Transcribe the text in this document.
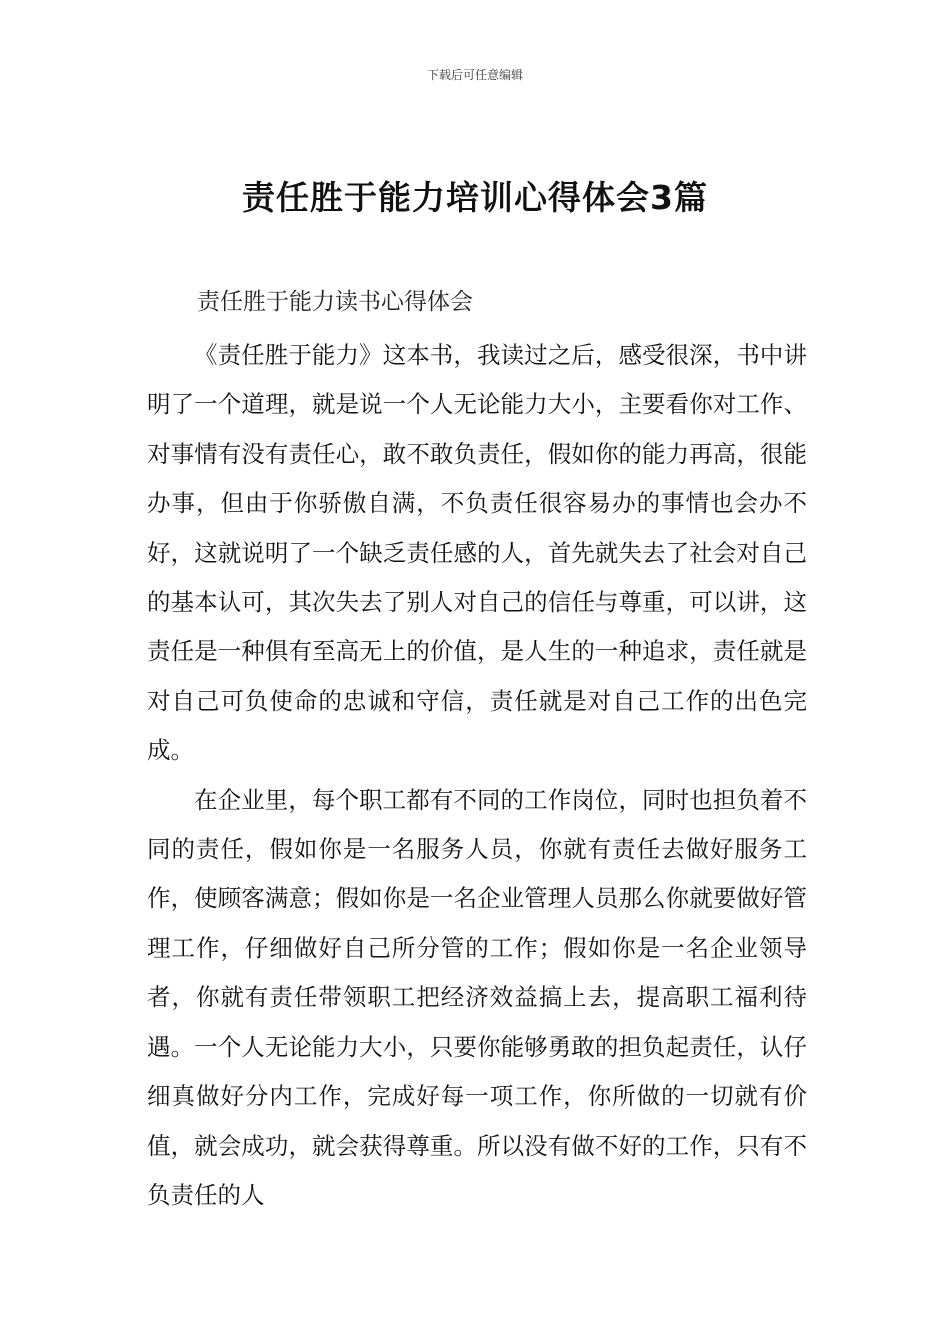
下载后可任意编辑
责任胜于能力培训心得体会3篇
责任胜于能力读书心得体会

《责任胜于能力》这本书，我读过之后，感受很深，书中讲明了一个道理，就是说一个人无论能力大小，主要看你对工作、对事情有没有责任心，敢不敢负责任，假如你的能力再高，很能办事，但由于你骄傲自满，不负责任很容易办的事情也会办不好，这就说明了一个缺乏责任感的人，首先就失去了社会对自己的基本认可，其次失去了别人对自己的信任与尊重，可以讲，这责任是一种俱有至高无上的价值，是人生的一种追求，责任就是对自己可负使命的忠诚和守信，责任就是对自己工作的出色完成。

在企业里，每个职工都有不同的工作岗位，同时也担负着不同的责任，假如你是一名服务人员，你就有责任去做好服务工作，使顾客满意；假如你是一名企业管理人员那么你就要做好管理工作，仔细做好自己所分管的工作；假如你是一名企业领导者，你就有责任带领职工把经济效益搞上去，提高职工福利待遇。一个人无论能力大小，只要你能够勇敢的担负起责任，认仔细真做好分内工作，完成好每一项工作，你所做的一切就有价值，就会成功，就会获得尊重。所以没有做不好的工作，只有不负责任的人
